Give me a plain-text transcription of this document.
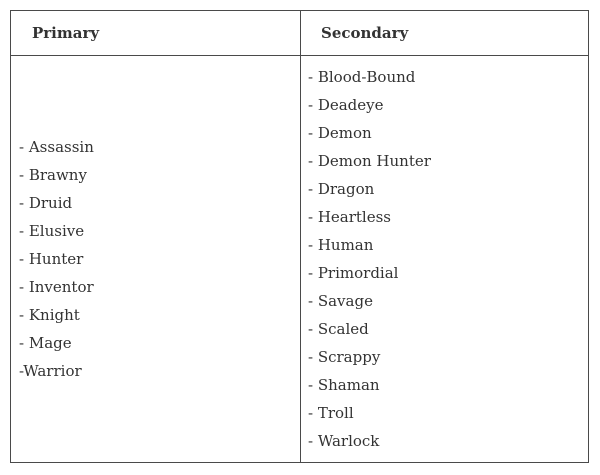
Primary	Secondary
- Assassin
- Brawny
- Druid
- Elusive
- Hunter
- Inventor
- Knight
- Mage
-Warrior
- Blood-Bound
- Deadeye
- Demon
- Demon Hunter
- Dragon
- Heartless
- Human
- Primordial
- Savage
- Scaled
- Scrappy
- Shaman
- Troll
- Warlock
